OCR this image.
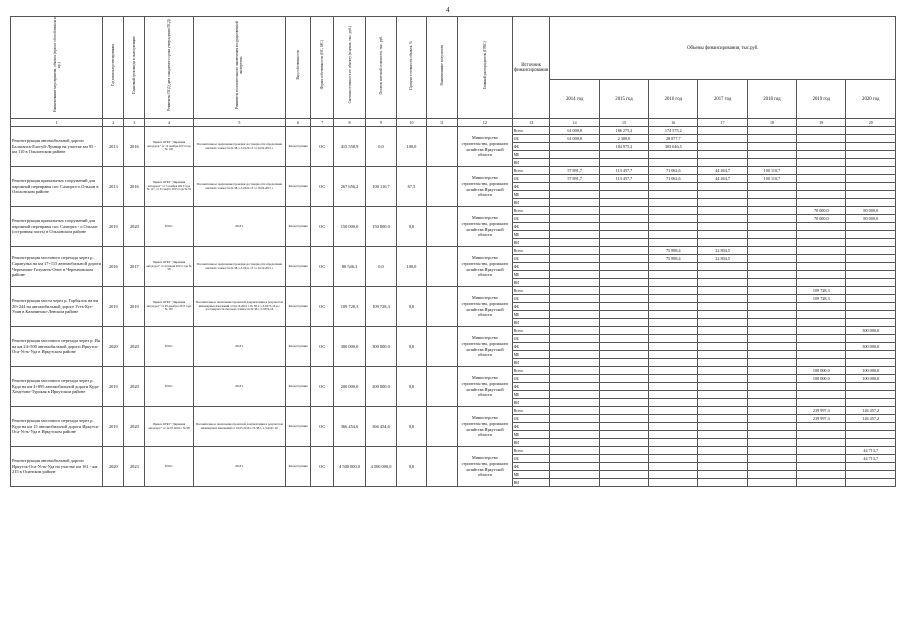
4
Наименование мероприятия, объекта (при их обособленном и пр.)	Год начала проектирования	Плановый срок ввода в эксплуатацию	Реквизиты ПСД (дата ожидаемого срока утверждения ПСД)	Реквизиты положительного заключения государственной экспертизы	Вид собственности	Форма собственности (ОС, МС)	Сметная стоимость по объекту (в ценах, тыс. руб.)	Остаток сметной стоимости, тыс. руб.	Процент готовности объекта, %	Наименование получателя	Главный распорядитель (ГРБС)	Источник финансирования	Объемы финансирования, тыс.руб.						
													2014 год	2015 год	2016 год	2017 год	2018 год	2019 год	2020 год
1	2	3	4	5	6	7	8	9	10	11	12	13	14	15	16	17	18	19	20
Реконструкция автомобильной дороги Балаганск-Елогуй-Лумвар на участке км 95 - км 110 в Ольхонском районе	2013	2016	Приказ ОГКУ "Дирекция автодорог" от 12 ноября 2013 года № 145	Положительное заключение проверки достоверности определения сметной стоимости № 38-1-5-0129-15 от 24.02.2015 г.	Реконструкция	ОС	415 558,9	0,0	100,0		Министерство строительства, дорожного хозяйства Иркутской области	Всего	61 000,0	186 275,2	174 575,2				
												ОБ	61 000,0	2 300,0	28 877,7				
												ФБ		184 975,2	305 646,5				
												МБ							
												ВИ							
Реконструкция причальных сооружений для паромной переправы пос Сахюрта-о.Ольхон в Ольхонском районе	2013	2016	Приказ ОГКУ "Дирекция автодорог" от 5 ноября 2013 года № 117, от 31 марта 2015 года № 55	Положительное заключение проверки достоверности определения сметной стоимости № 38-1-5-0022-15 от 16.04.2015 г.	Реконструкция	ОС	267 656,2	100 110,7	67,5		Министерство строительства, дорожного хозяйства Иркутской области	Всего	57 891,7	113 457,7	71 062,6	44 464,7	100 110,7		
												ОБ	57 891,7	113 457,7	71 062,6	44 464,7	100 110,7		
												ФБ							
												МБ							
												ВИ							
Реконструкция причальных сооружений для паромной переправы пос Сахюрта - о.Ольхон (островная часть) в Ольхонском районе	2019	2020	2018 г.	2018 г.	Реконструкция	ОС	150 000,0	150 000,0	0,0		Министерство строительства, дорожного хозяйства Иркутской области	Всего						70 000,0	80 000,0
												ОБ						70 000,0	80 000,0
												ФБ							
												МБ							
												ВИ							
Реконструкция мостового перехода через р. Сарапулка на км 17+115 автомобильной дороги Черемхово-Голуметь-Онот в Черемховском районе	2016	2017	Приказ ОГКУ "Дирекция автодорог" от 24 июня 2015 года № 98	Положительное заключение проверки достоверности определения сметной стоимости № 38-1-5-0241-15 от 14.10.2015 г.	Реконструкция	ОС	80 546,3	0,0	100,0		Министерство строительства, дорожного хозяйства Иркутской области	Всего			75 898,4	22 804,5			
												ОБ			75 898,4	22 804,5			
												ФБ							
												МБ							
												ВИ							
Реконструкция моста через р. Горбылок на км 20+244 на автомобильной дороге Усть-Кут-Уоян в Казачинско-Ленском районе	2019	2019	Приказ ОГКУ "Дирекция автодорог" от 29 декабря 2015 года № 187	Положительное заключение проектной документации и результатов инженерных изысканий от 04.10.2016 г. № 38-1-1-3-0275-16 и о достоверности сметной стоимости № 38-1-5-0319-16	Реконструкция	ОС	109 728,3	109 728,3	0,0		Министерство строительства, дорожного хозяйства Иркутской области	Всего						109 728,3	
												ОБ						109 728,3	
												ФБ							
												МБ							
												ВИ							
Реконструкция мостового перехода через р. Ия на км 24+500 автомобильной дороги Иркутск-Оса-Усть-Уда в Иркутском районе	2020	2020	2018 г.	2018 г.	Реконструкция	ОС	300 000,0	300 000,0	0,0		Министерство строительства, дорожного хозяйства Иркутской области	Всего							300 000,0
												ОБ							
												ФБ							300 000,0
												МБ							
												ВИ							
Реконструкция мостового перехода через р. Куда на км 4+895 автомобильной дороги Куда-Хомутово-Турская в Иркутском районе	2019	2020	2018 г.	2018 г.	Реконструкция	ОС	200 000,0	200 000,0	0,0		Министерство строительства, дорожного хозяйства Иркутской области	Всего						100 000,0	100 000,0
												ОБ						100 000,0	100 000,0
												ФБ							
												МБ							
												ВИ							
Реконструкция мостового перехода через р. Куда на км 15 автомобильной дороги Иркутск-Оса-Усть-Уда в Иркутском районе	2019	2020	Приказ ОГКУ "Дирекция автодорог" от 12.07.2016 г. № 98	Положительное заключение проектной документации и результатов инженерных изысканий от 19.05.2016 г. № 38-1-1-3-0167-16	Реконструкция	ОС	366 454,6	366 454,6	0,0		Министерство строительства, дорожного хозяйства Иркутской области	Всего						239 997,4	126 457,2
												ОБ						239 997,4	126 457,2
												ФБ							
												МБ							
												ВИ							
Реконструкция автомобильной дороги Иркутск-Оса-Усть-Уда на участке км 161 - км 215 в Осинском районе	2020	2023	2018 г.	2018 г.	Реконструкция	ОС	4 500 000,0	4 500 000,0	0,0		Министерство строительства, дорожного хозяйства Иркутской области	Всего							44 713,7
												ОБ							44 713,7
												ФБ							
												МБ							
												ВИ							
